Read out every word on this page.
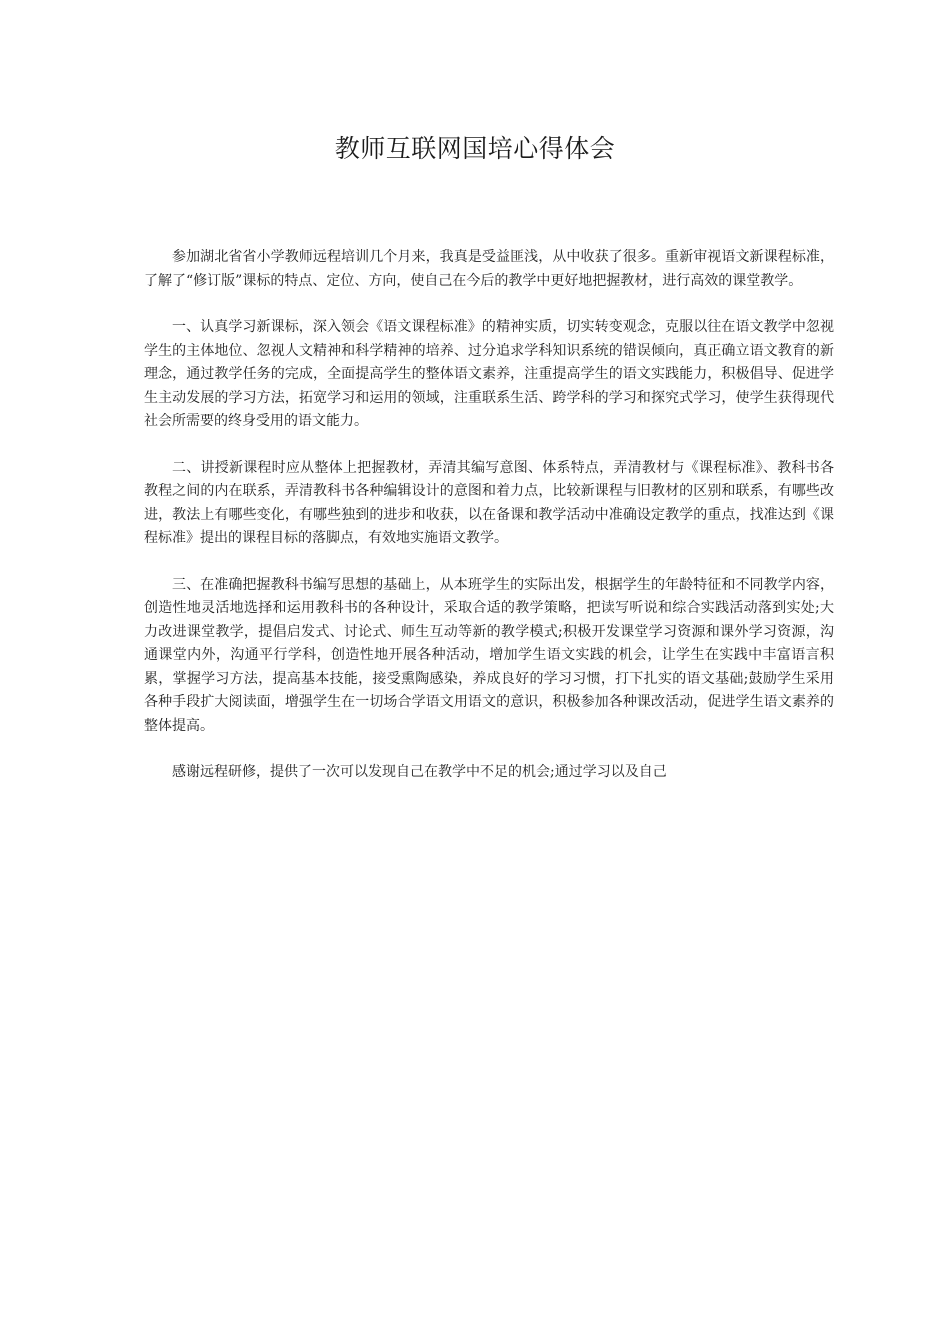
教师互联网国培心得体会

参加湖北省省小学教师远程培训几个月来，我真是受益匪浅，从中收获了很多。重新审视语文新课程标准，了解了“修订版”课标的特点、定位、方向，使自己在今后的教学中更好地把握教材，进行高效的课堂教学。

一、认真学习新课标，深入领会《语文课程标准》的精神实质，切实转变观念，克服以往在语文教学中忽视学生的主体地位、忽视人文精神和科学精神的培养、过分追求学科知识系统的错误倾向，真正确立语文教育的新理念，通过教学任务的完成，全面提高学生的整体语文素养，注重提高学生的语文实践能力，积极倡导、促进学生主动发展的学习方法，拓宽学习和运用的领域，注重联系生活、跨学科的学习和探究式学习，使学生获得现代社会所需要的终身受用的语文能力。

二、讲授新课程时应从整体上把握教材，弄清其编写意图、体系特点，弄清教材与《课程标准》、教科书各教程之间的内在联系，弄清教科书各种编辑设计的意图和着力点，比较新课程与旧教材的区别和联系，有哪些改进，教法上有哪些变化，有哪些独到的进步和收获，以在备课和教学活动中准确设定教学的重点，找准达到《课程标准》提出的课程目标的落脚点，有效地实施语文教学。

三、在准确把握教科书编写思想的基础上，从本班学生的实际出发，根据学生的年龄特征和不同教学内容，创造性地灵活地选择和运用教科书的各种设计，采取合适的教学策略，把读写听说和综合实践活动落到实处;大力改进课堂教学，提倡启发式、讨论式、师生互动等新的教学模式;积极开发课堂学习资源和课外学习资源，沟通课堂内外，沟通平行学科，创造性地开展各种活动，增加学生语文实践的机会，让学生在实践中丰富语言积累，掌握学习方法，提高基本技能，接受熏陶感染，养成良好的学习习惯，打下扎实的语文基础;鼓励学生采用各种手段扩大阅读面，增强学生在一切场合学语文用语文的意识，积极参加各种课改活动，促进学生语文素养的整体提高。

感谢远程研修，提供了一次可以发现自己在教学中不足的机会;通过学习以及自己
